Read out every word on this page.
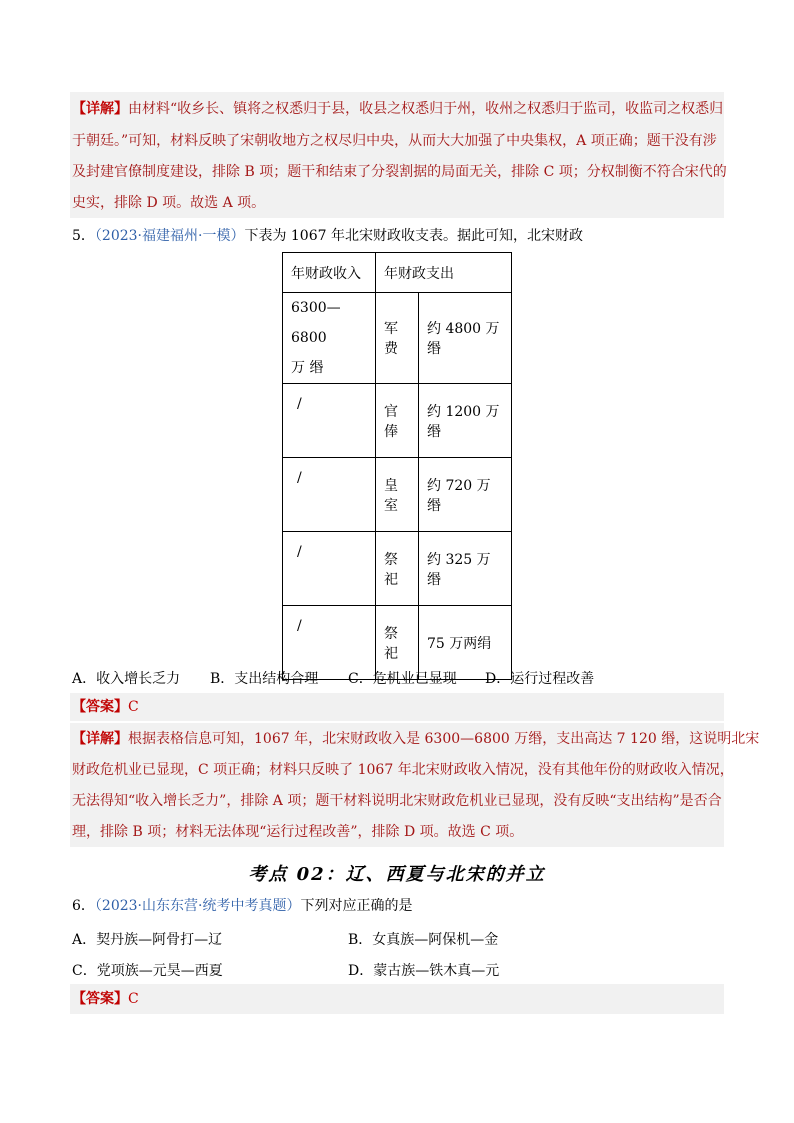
【详解】由材料“收乡长、镇将之权悉归于县，收县之权悉归于州，收州之权悉归于监司，收监司之权悉归
于朝廷。”可知，材料反映了宋朝收地方之权尽归中央，从而大大加强了中央集权，A 项正确；题干没有涉
及封建官僚制度建设，排除 B 项；题干和结束了分裂割据的局面无关，排除 C 项；分权制衡不符合宋代的
史实，排除 D 项。故选 A 项。
5．（2023·福建福州·一模）下表为 1067 年北宋财政收支表。据此可知，北宋财政
年财政收入	年财政支出	

6300—6800
万 缗	军费	约 4800 万缗
/	官俸	约 1200 万缗
/	皇室	约 720 万缗
/	祭祀	约 325 万缗
/	祭祀	75 万两绢
A．收入增长乏力 B．支出结构合理 C．危机业已显现 D．运行过程改善
【答案】C
【详解】根据表格信息可知，1067 年，北宋财政收入是 6300—6800 万缗，支出高达 7 120 缗，这说明北宋
财政危机业已显现，C 项正确；材料只反映了 1067 年北宋财政收入情况，没有其他年份的财政收入情况，
无法得知“收入增长乏力”，排除 A 项；题干材料说明北宋财政危机业已显现，没有反映“支出结构”是否合
理，排除 B 项；材料无法体现“运行过程改善”，排除 D 项。故选 C 项。
考点 02：辽、西夏与北宋的并立
6．（2023·山东东营·统考中考真题）下列对应正确的是
A．契丹族—阿骨打—辽	B．女真族—阿保机—金
C．党项族—元昊—西夏	D．蒙古族—铁木真—元
【答案】C
